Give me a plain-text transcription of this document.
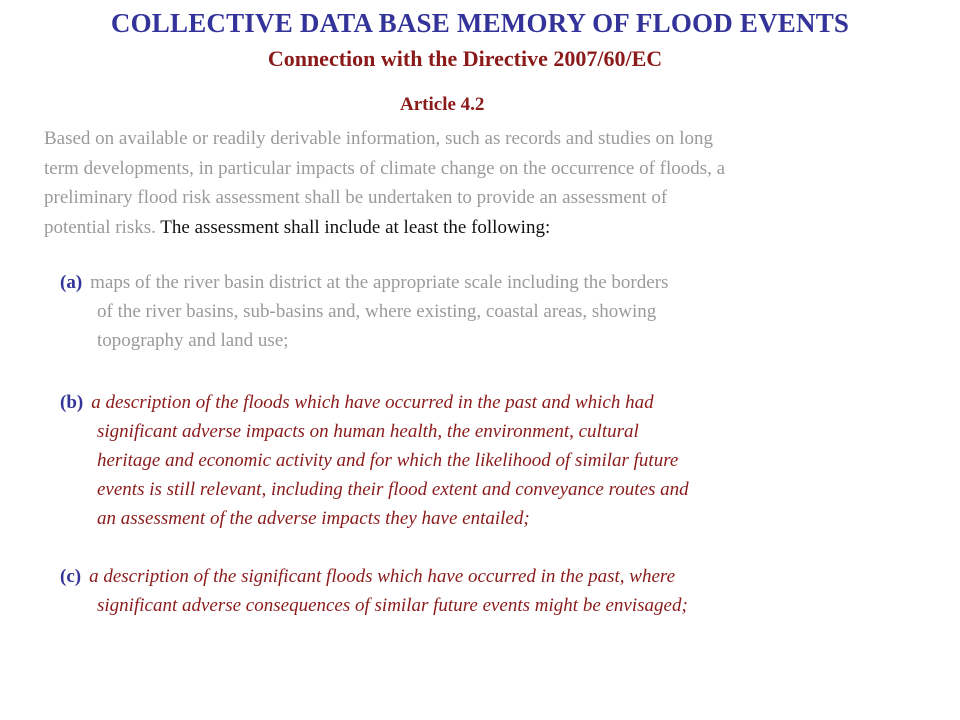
COLLECTIVE DATA BASE MEMORY OF FLOOD EVENTS
Connection with the Directive 2007/60/EC
Article 4.2
Based on available or readily derivable information, such as records and studies on long
term developments, in particular impacts of climate change on the occurrence of floods, a
preliminary flood risk assessment shall be undertaken to provide an assessment of
potential risks. The assessment shall include at least the following:
(a) maps of the river basin district at the appropriate scale including the borders
of the river basins, sub-basins and, where existing, coastal areas, showing
topography and land use;
(b) a description of the floods which have occurred in the past and which had
significant adverse impacts on human health, the environment, cultural
heritage and economic activity and for which the likelihood of similar future
events is still relevant, including their flood extent and conveyance routes and
an assessment of the adverse impacts they have entailed;
(c) a description of the significant floods which have occurred in the past, where
significant adverse consequences of similar future events might be envisaged;
